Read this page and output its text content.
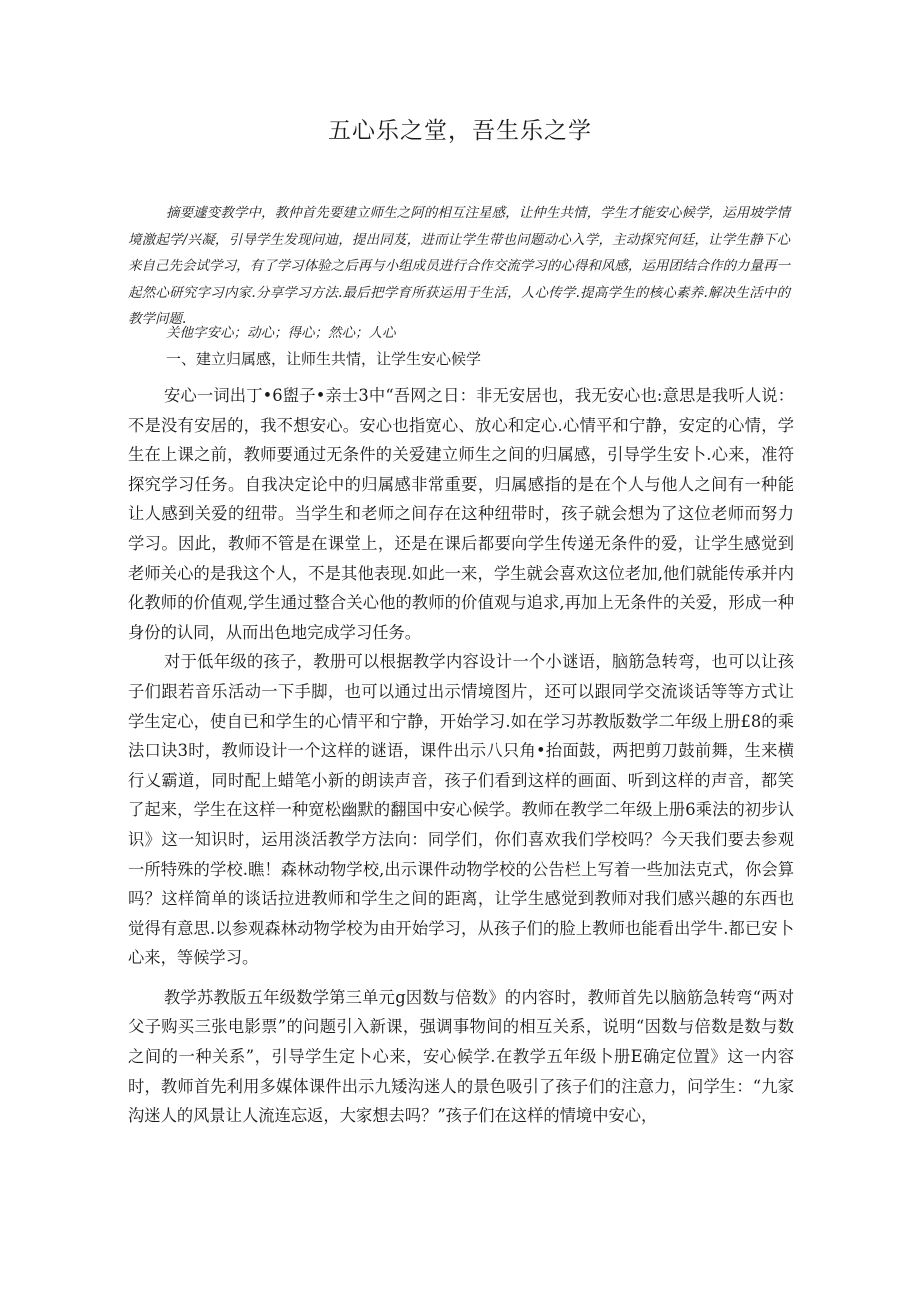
五心乐之堂，吾生乐之学

摘要遽变教学中，教仲首先要建立师生之阿的相互注星感，让仲生共情，学生才能安心候学，运用坡学情境激起学/兴凝，引导学生发现问迪，提出同芨，进而让学生带也问题动心入学，主动探究何廷，让学生静下心来自己先会试学习，有了学习体验之后再与小组成员进行合作交流学习的心得和风感，运用团结合作的力量再一起然心研究字习内家.分享学习方法.最后把学育所获运用于生活，人心传学.提高学生的核心素养.解决生活中的教学问题.

关他字安心；动心；得心；然心；人心
一、建立归属感，让师生共情，让学生安心候学

安心一词出丁•6盥子•亲士3中“吾网之日：非无安居也，我无安心也:意思是我听人说：不是没有安居的，我不想安心。安心也指宽心、放心和定心.心情平和宁静，安定的心情，学生在上课之前，教师要通过无条件的关爱建立师生之间的归属感，引导学生安卜.心来，准符探究学习任务。自我决定论中的归属感非常重要，归属感指的是在个人与他人之间有一种能让人感到关爱的纽带。当学生和老师之间存在这种纽带时，孩子就会想为了这位老师而努力学习。因此，教师不管是在课堂上，还是在课后都要向学生传递无条件的爱，让学生感觉到老师关心的是我这个人，不是其他表现.如此一来，学生就会喜欢这位老加,他们就能传承并内化教师的价值观,学生通过整合关心他的教师的价值观与追求,再加上无条件的关爱，形成一种身份的认同，从而出色地完成学习任务。

对于低年级的孩子，教册可以根据教学内容设计一个小谜语，脑筋急转弯，也可以让孩子们跟若音乐活动一下手脚，也可以通过出示情境图片，还可以跟同学交流谈话等等方式让学生定心，使自已和学生的心情平和宁静，开始学习.如在学习苏教版数学二年级上册£8的乘法口诀3时，教师设计一个这样的谜语，课件出示八只角•抬面鼓，两把剪刀鼓前舞，生来横行乂霸道，同时配上蜡笔小新的朗读声音，孩子们看到这样的画面、听到这样的声音，都笑了起来，学生在这样一种宽松幽默的翻国中安心候学。教师在教学二年级上册6乘法的初步认识》这一知识时，运用淡活教学方法向：同学们，你们喜欢我们学校吗？今天我们要去参观一所特殊的学校.瞧！森林动物学校,出示课件动物学校的公告栏上写着一些加法克式，你会算吗？这样简单的谈话拉进教师和学生之间的距离，让学生感觉到教师对我们感兴趣的东西也觉得有意思.以参观森林动物学校为由开始学习，从孩子们的脸上教师也能看出学牛.都已安卜心来，等候学习。

教学苏教版五年级数学第三单元g因数与倍数》的内容时，教师首先以脑筋急转弯“两对父子购买三张电影票”的问题引入新课，强调事物间的相互关系，说明“因数与倍数是数与数之间的一种关系”，引导学生定卜心来，安心候学.在教学五年级卜册E确定位置》这一内容时，教师首先利用多媒体课件出示九矮沟迷人的景色吸引了孩子们的注意力，问学生：“九家沟迷人的风景让人流连忘返，大家想去吗？”孩子们在这样的情境中安心，
